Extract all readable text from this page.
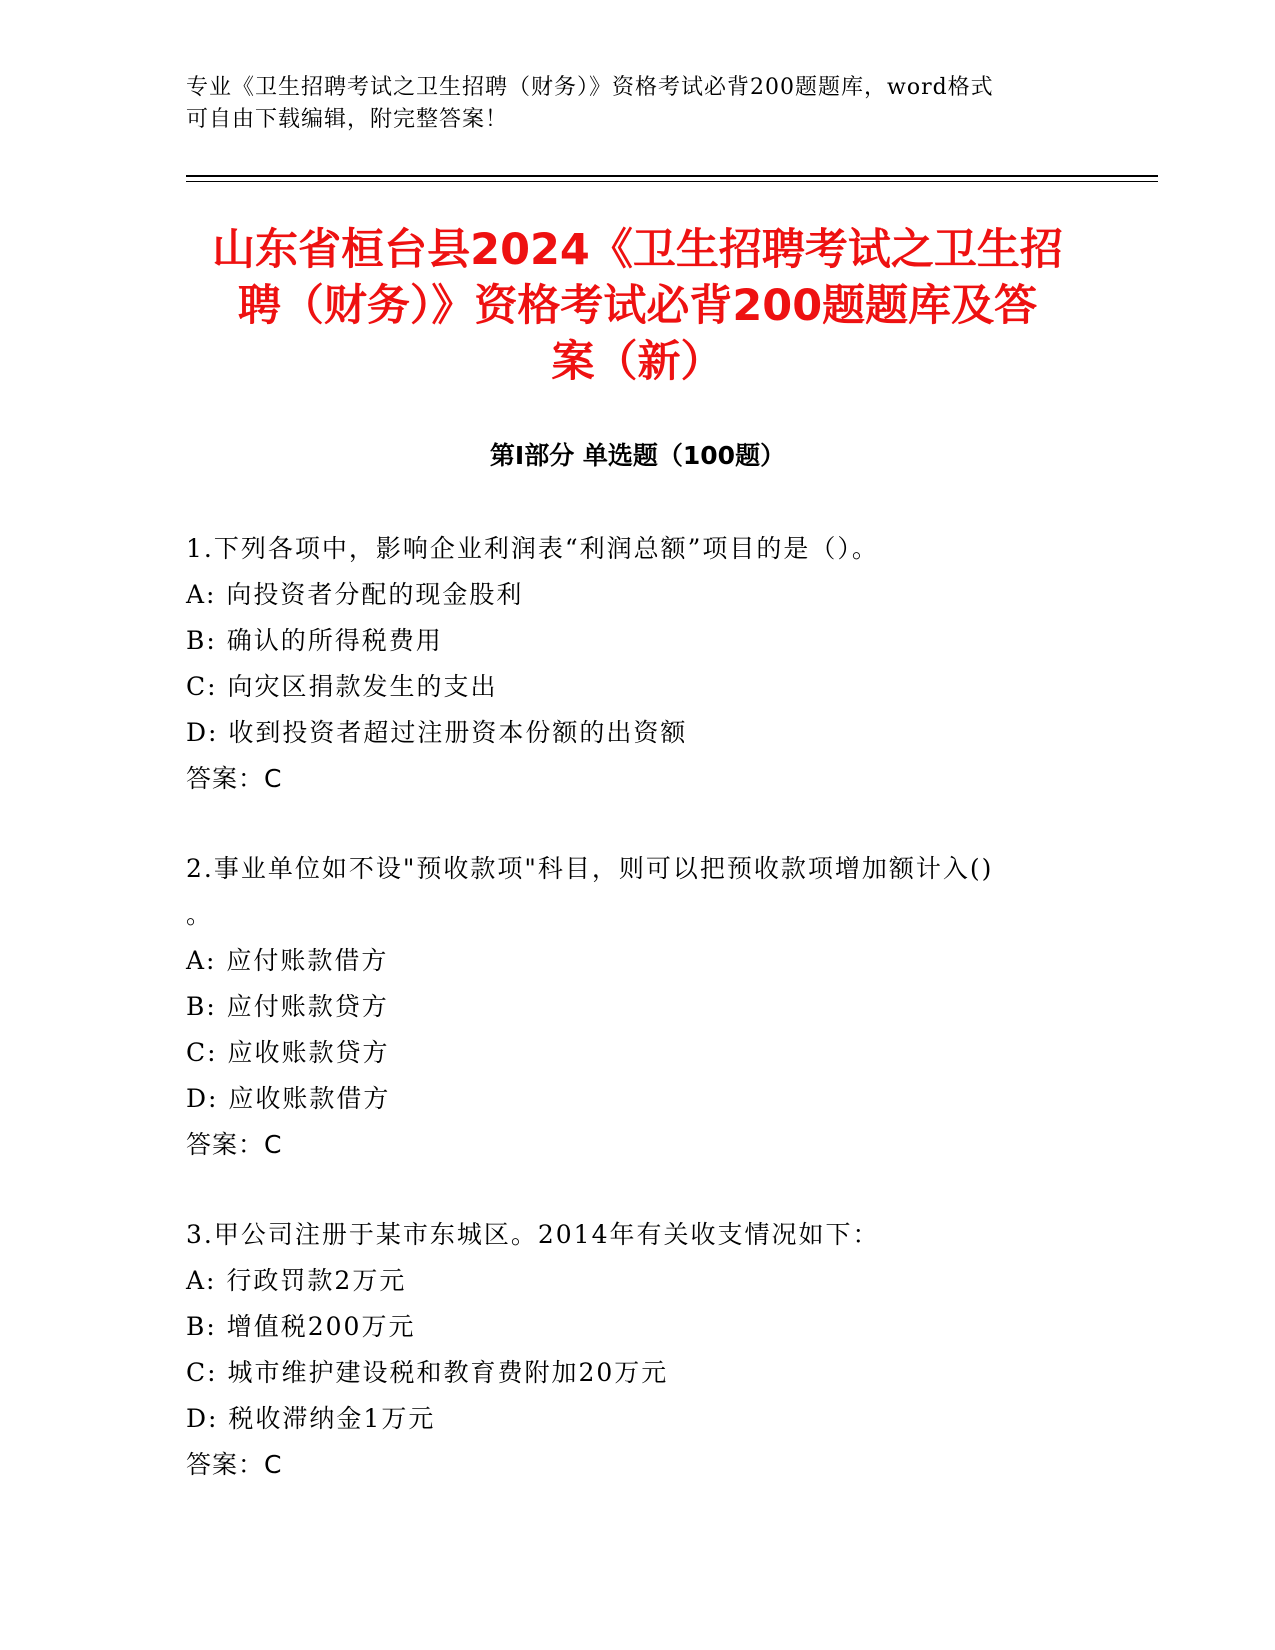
专业《卫生招聘考试之卫生招聘（财务）》资格考试必背200题题库，word格式
可自由下载编辑，附完整答案！
山东省桓台县2024《卫生招聘考试之卫生招
聘（财务）》资格考试必背200题题库及答
案（新）
第Ⅰ部分 单选题（100题）

1.下列各项中，影响企业利润表“利润总额”项目的是（）。

A: 向投资者分配的现金股利

B: 确认的所得税费用

C: 向灾区捐款发生的支出

D: 收到投资者超过注册资本份额的出资额

答案：C

2.事业单位如不设"预收款项"科目，则可以把预收款项增加额计入()

。

A: 应付账款借方

B: 应付账款贷方

C: 应收账款贷方

D: 应收账款借方

答案：C

3.甲公司注册于某市东城区。2014年有关收支情况如下：

A: 行政罚款2万元

B: 增值税200万元

C: 城市维护建设税和教育费附加20万元

D: 税收滞纳金1万元

答案：C
